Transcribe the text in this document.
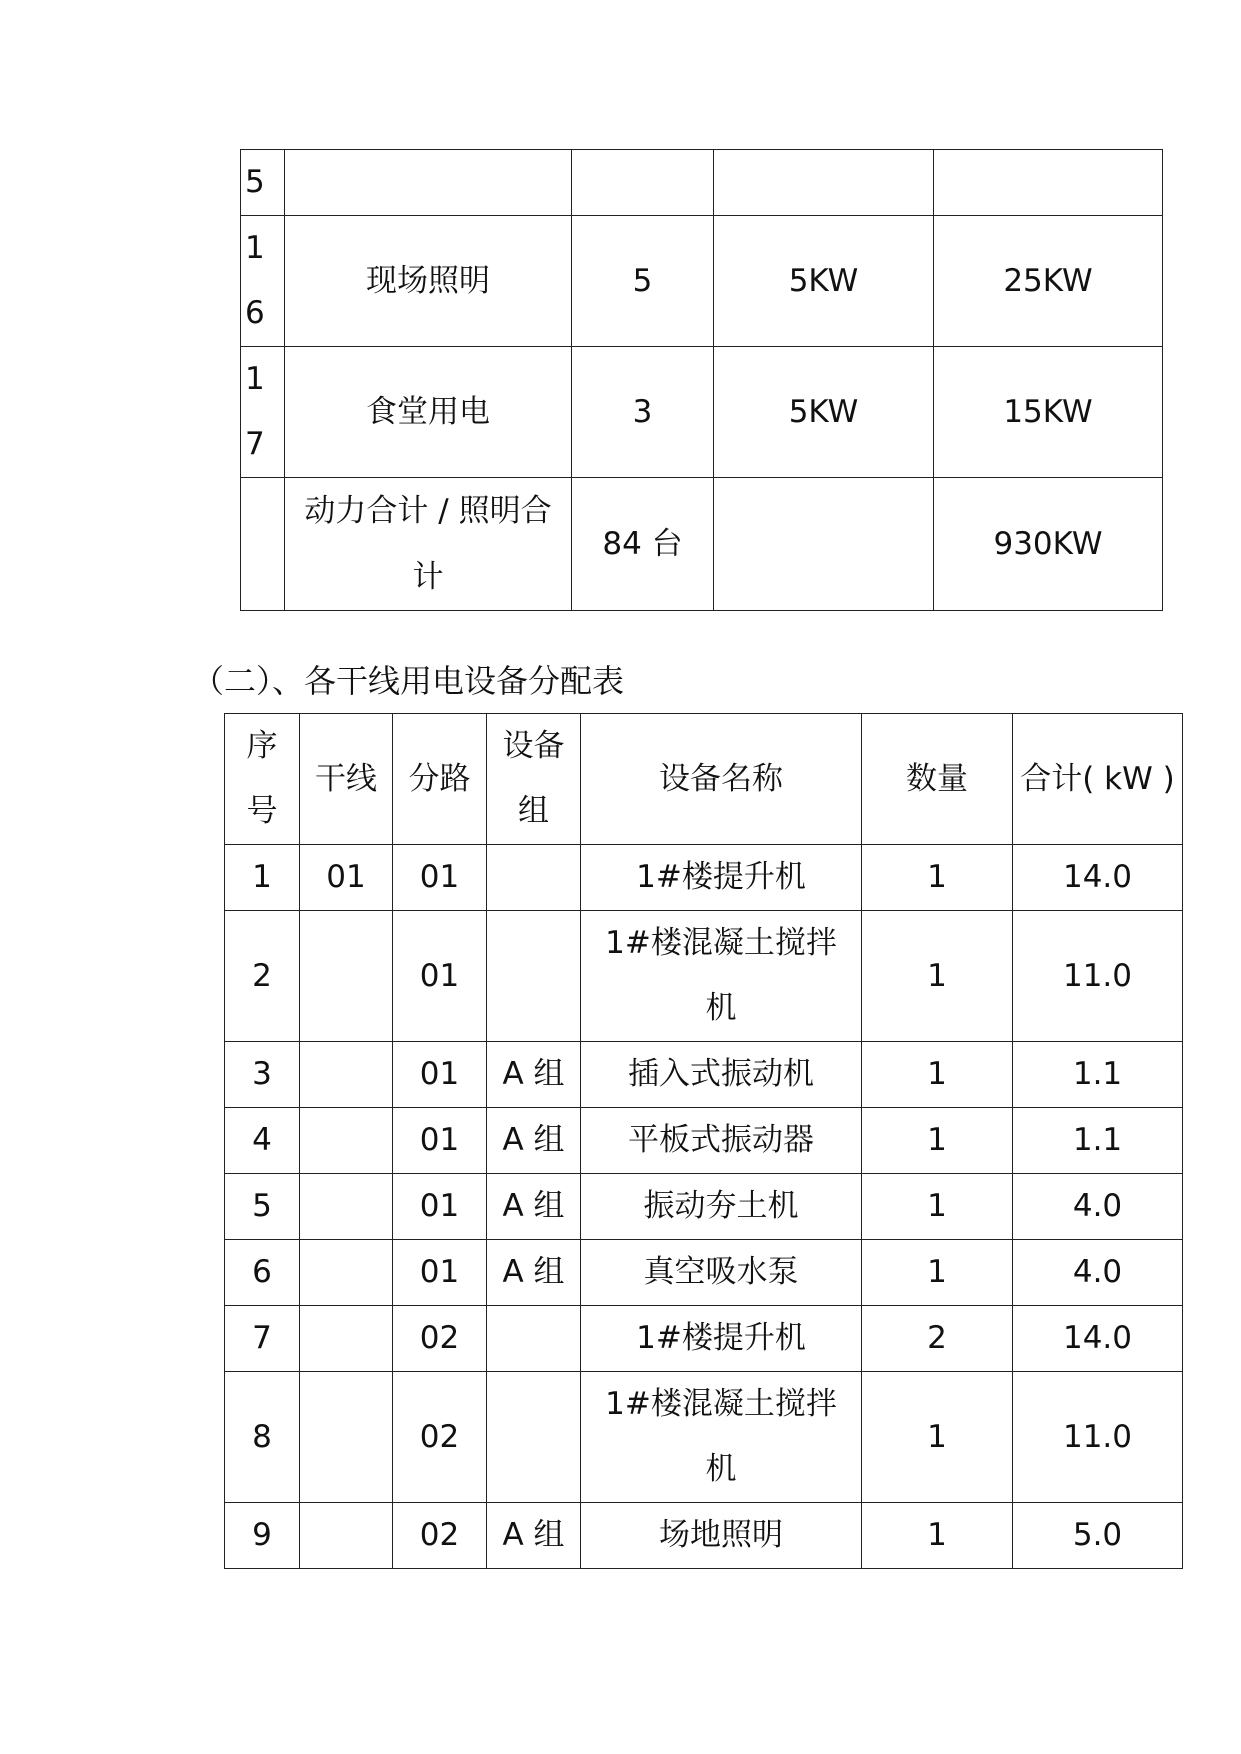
5				

16	现场照明	5	5KW	25KW

17	食堂用电	3	5KW	15KW

	动力合计 / 照明合计	84 台		930KW
（二）、各干线用电设备分配表
序号	干线	分路	设备组	设备名称	数量	合计( kW )
1	01	01		1#楼提升机	1	14.0
2		01		1#楼混凝土搅拌机	1	11.0
3		01	A 组	插入式振动机	1	1.1
4		01	A 组	平板式振动器	1	1.1
5		01	A 组	振动夯土机	1	4.0
6		01	A 组	真空吸水泵	1	4.0
7		02		1#楼提升机	2	14.0
8		02		1#楼混凝土搅拌机	1	11.0
9		02	A 组	场地照明	1	5.0
